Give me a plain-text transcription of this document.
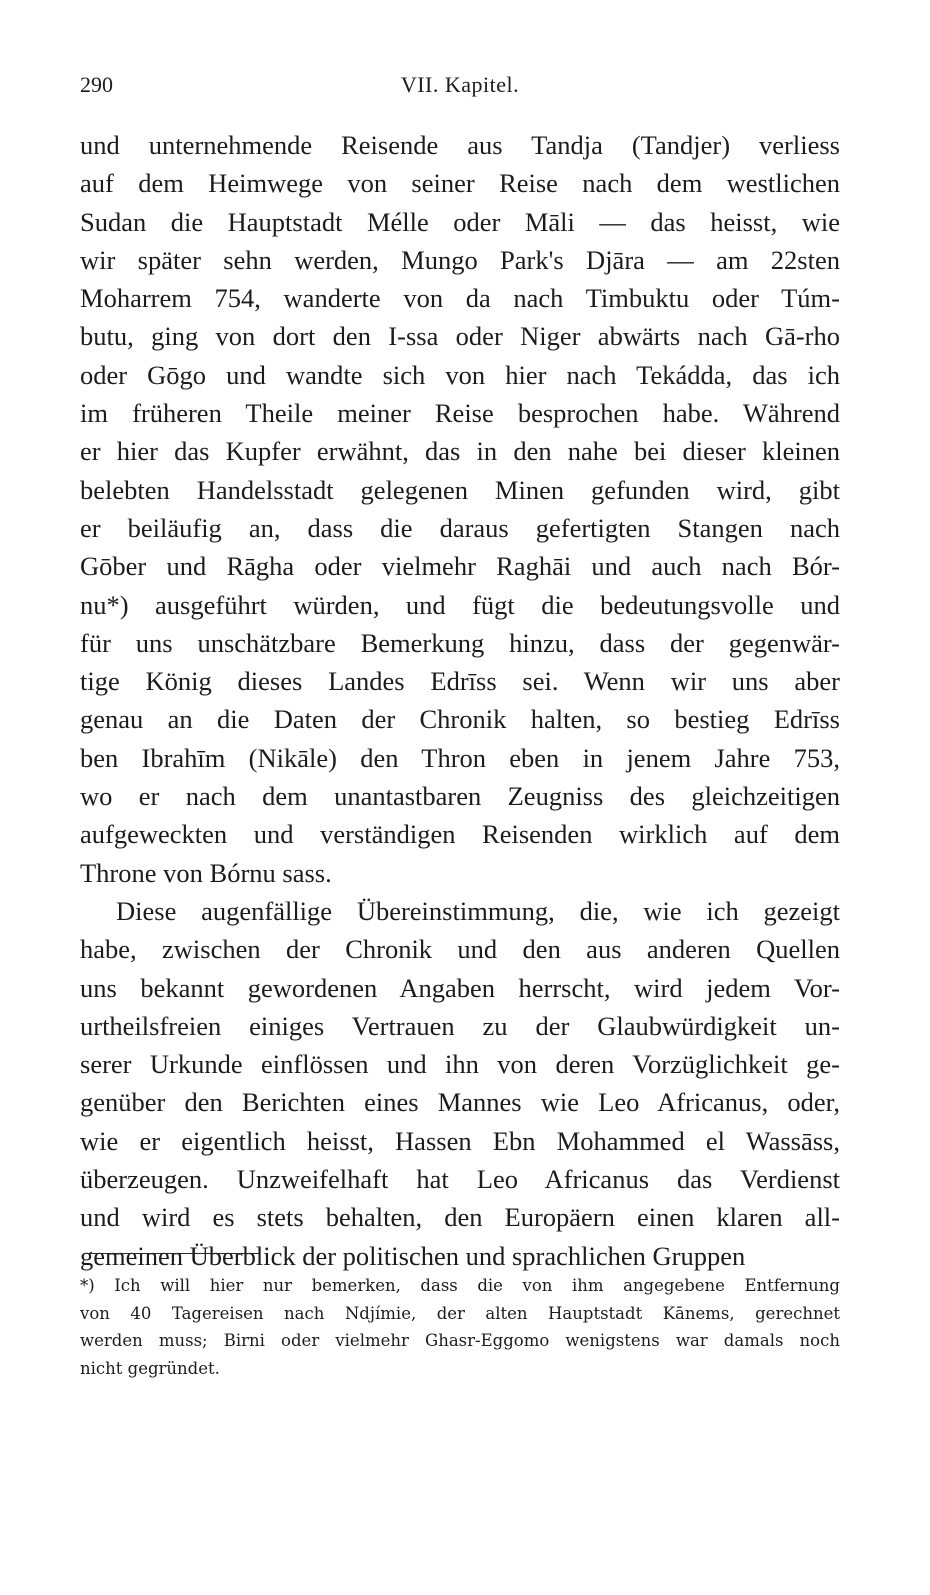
290	VII. Kapitel.
und unternehmende Reisende aus Tandja (Tandjer) verliess
auf dem Heimwege von seiner Reise nach dem westlichen
Sudan die Hauptstadt Mélle oder Māli — das heisst, wie
wir später sehn werden, Mungo Park's Djāra — am 22sten
Moharrem 754, wanderte von da nach Timbuktu oder Túm-
butu, ging von dort den I-ssa oder Niger abwärts nach Gā-rho
oder Gōgo und wandte sich von hier nach Tekádda, das ich
im früheren Theile meiner Reise besprochen habe. Während
er hier das Kupfer erwähnt, das in den nahe bei dieser kleinen
belebten Handelsstadt gelegenen Minen gefunden wird, gibt
er beiläufig an, dass die daraus gefertigten Stangen nach
Gōber und Rāgha oder vielmehr Raghāi und auch nach Bór-
nu*) ausgeführt würden, und fügt die bedeutungsvolle und
für uns unschätzbare Bemerkung hinzu, dass der gegenwär-
tige König dieses Landes Edrīss sei. Wenn wir uns aber
genau an die Daten der Chronik halten, so bestieg Edrīss
ben Ibrahīm (Nikāle) den Thron eben in jenem Jahre 753,
wo er nach dem unantastbaren Zeugniss des gleichzeitigen
aufgeweckten und verständigen Reisenden wirklich auf dem
Throne von Bórnu sass.
Diese augenfällige Übereinstimmung, die, wie ich gezeigt
habe, zwischen der Chronik und den aus anderen Quellen
uns bekannt gewordenen Angaben herrscht, wird jedem Vor-
urtheilsfreien einiges Vertrauen zu der Glaubwürdigkeit un-
serer Urkunde einflössen und ihn von deren Vorzüglichkeit ge-
genüber den Berichten eines Mannes wie Leo Africanus, oder,
wie er eigentlich heisst, Hassen Ebn Mohammed el Wassāss,
überzeugen. Unzweifelhaft hat Leo Africanus das Verdienst
und wird es stets behalten, den Europäern einen klaren all-
gemeinen Überblick der politischen und sprachlichen Gruppen
*) Ich will hier nur bemerken, dass die von ihm angegebene Entfernung
von 40 Tagereisen nach Ndjímie, der alten Hauptstadt Kānems, gerechnet
werden muss; Birni oder vielmehr Ghasr-Eggomo wenigstens war damals noch
nicht gegründet.
